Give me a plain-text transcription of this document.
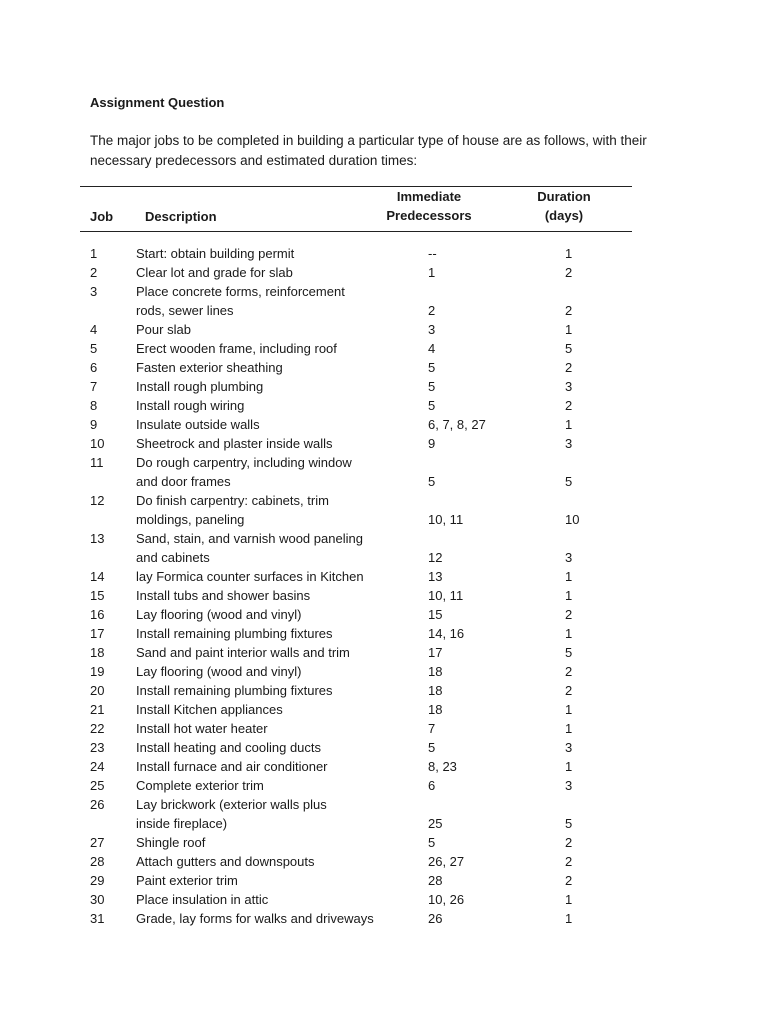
Assignment Question
The major jobs to be completed in building a particular type of house are as follows, with their necessary predecessors and estimated duration times:
Job Description
Immediate
Predecessors
Duration
(days)
1	Start: obtain building permit	--	1
2	Clear lot and grade for slab	1	2
3	Place concrete forms, reinforcement
rods, sewer lines	2	2
4	Pour slab	3	1
5	Erect wooden frame, including roof	4	5
6	Fasten exterior sheathing	5	2
7	Install rough plumbing	5	3
8	Install rough wiring	5	2
9	Insulate outside walls	6, 7, 8, 27	1
10 Sheetrock and plaster inside walls	9	3
11	Do rough carpentry, including window
and door frames	5	5
12 Do finish carpentry: cabinets, trim
moldings, paneling	10, 11	10
13 Sand, stain, and varnish wood paneling
and cabinets	12	3
14 lay Formica counter surfaces in Kitchen	13	1
15 Install tubs and shower basins	10, 11	1
16 Lay flooring (wood and vinyl)	15	2
17 Install remaining plumbing fixtures	14, 16	1
18 Sand and paint interior walls and trim	17	5
19 Lay flooring (wood and vinyl)	18	2
20 Install remaining plumbing fixtures	18	2
21 Install Kitchen appliances	18	1
22 Install hot water heater	7	1
23 Install heating and cooling ducts	5	3
24 Install furnace and air conditioner	8, 23	1
25 Complete exterior trim	6	3
26 Lay brickwork (exterior walls plus
inside fireplace)	25	5
27 Shingle roof	5	2
28 Attach gutters and downspouts	26, 27	2
29 Paint exterior trim	28	2
30 Place insulation in attic	10, 26	1
31 Grade, lay forms for walks and driveways	26	1
